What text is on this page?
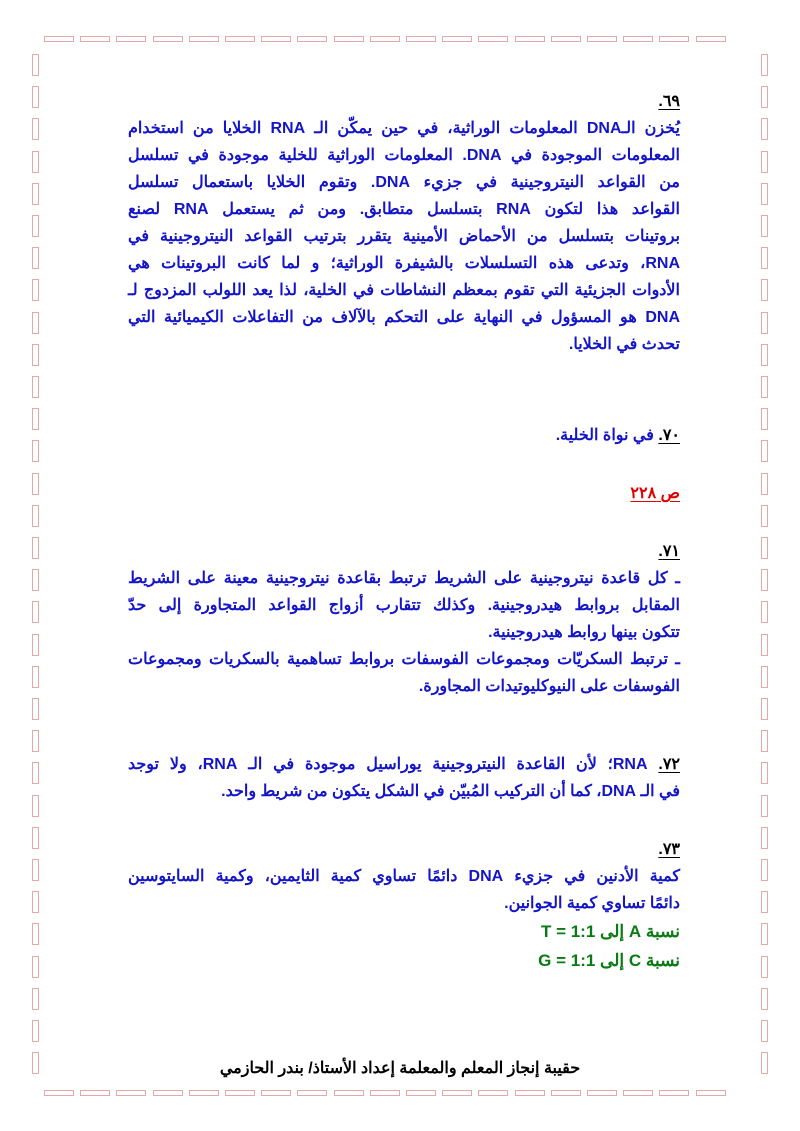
٦٩.
يُخزن الـDNA المعلومات الوراثية، في حين يمكّن الـ RNA الخلايا من استخدام
المعلومات الموجودة في DNA. المعلومات الوراثية للخلية موجودة في تسلسل
من القواعد النيتروجينية في جزيء DNA. وتقوم الخلايا باستعمال تسلسل
القواعد هذا لتكون RNA بتسلسل متطابق. ومن ثم يستعمل RNA لصنع
بروتينات بتسلسل من الأحماض الأمينية يتقرر بترتيب القواعد النيتروجينية في
RNA، وتدعى هذه التسلسلات بالشيفرة الوراثية؛ و لما كانت البروتينات هي
الأدوات الجزيئية التي تقوم بمعظم النشاطات في الخلية، لذا يعد اللولب المزدوج لـ
DNA هو المسؤول في النهاية على التحكم بالآلاف من التفاعلات الكيميائية التي
تحدث في الخلايا.
٧٠. في نواة الخلية.
ص ٢٢٨
٧١.
ـ كل قاعدة نيتروجينية على الشريط ترتبط بقاعدة نيتروجينية معينة على الشريط
المقابل بروابط هيدروجينية. وكذلك تتقارب أزواج القواعد المتجاورة إلى حدّ
تتكون بينها روابط هيدروجينية.
ـ ترتبط السكريّات ومجموعات الفوسفات بروابط تساهمية بالسكريات ومجموعات
الفوسفات على النيوكليوتيدات المجاورة.
٧٢. RNA؛ لأن القاعدة النيتروجينية يوراسيل موجودة في الـ RNA، ولا توجد
في الـ DNA، كما أن التركيب المُبيّن في الشكل يتكون من شريط واحد.
٧٣.
كمية الأدنين في جزيء DNA دائمًا تساوي كمية الثايمين، وكمية السايتوسين
دائمًا تساوي كمية الجوانين.
نسبة A إلى T = 1:1
نسبة C إلى G = 1:1
حقيبة إنجاز المعلم والمعلمة إعداد الأستاذ/ بندر الحازمي
